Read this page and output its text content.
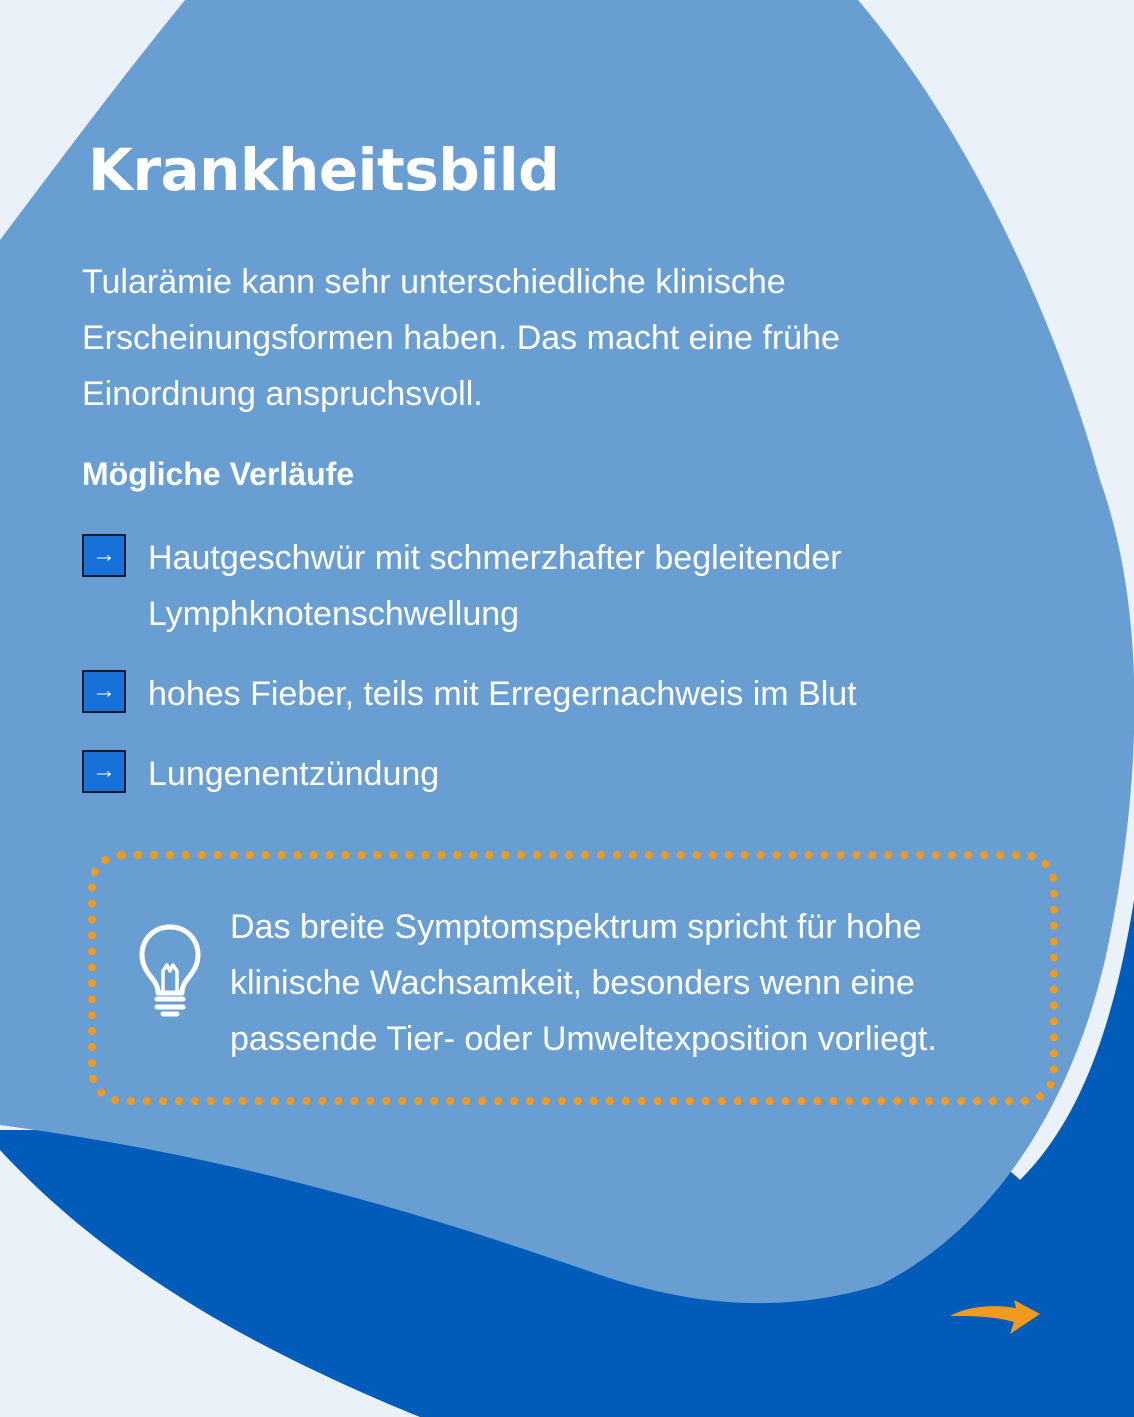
Krankheitsbild

Tularämie kann sehr unterschiedliche klinische Erscheinungsformen haben. Das macht eine frühe Einordnung anspruchsvoll.

Mögliche Verläufe
→ Hautgeschwür mit schmerzhafter begleitender Lymphknotenschwellung
→ hohes Fieber, teils mit Erregernachweis im Blut
→ Lungenentzündung

Das breite Symptomspektrum spricht für hohe klinische Wachsamkeit, besonders wenn eine passende Tier- oder Umweltexposition vorliegt.
